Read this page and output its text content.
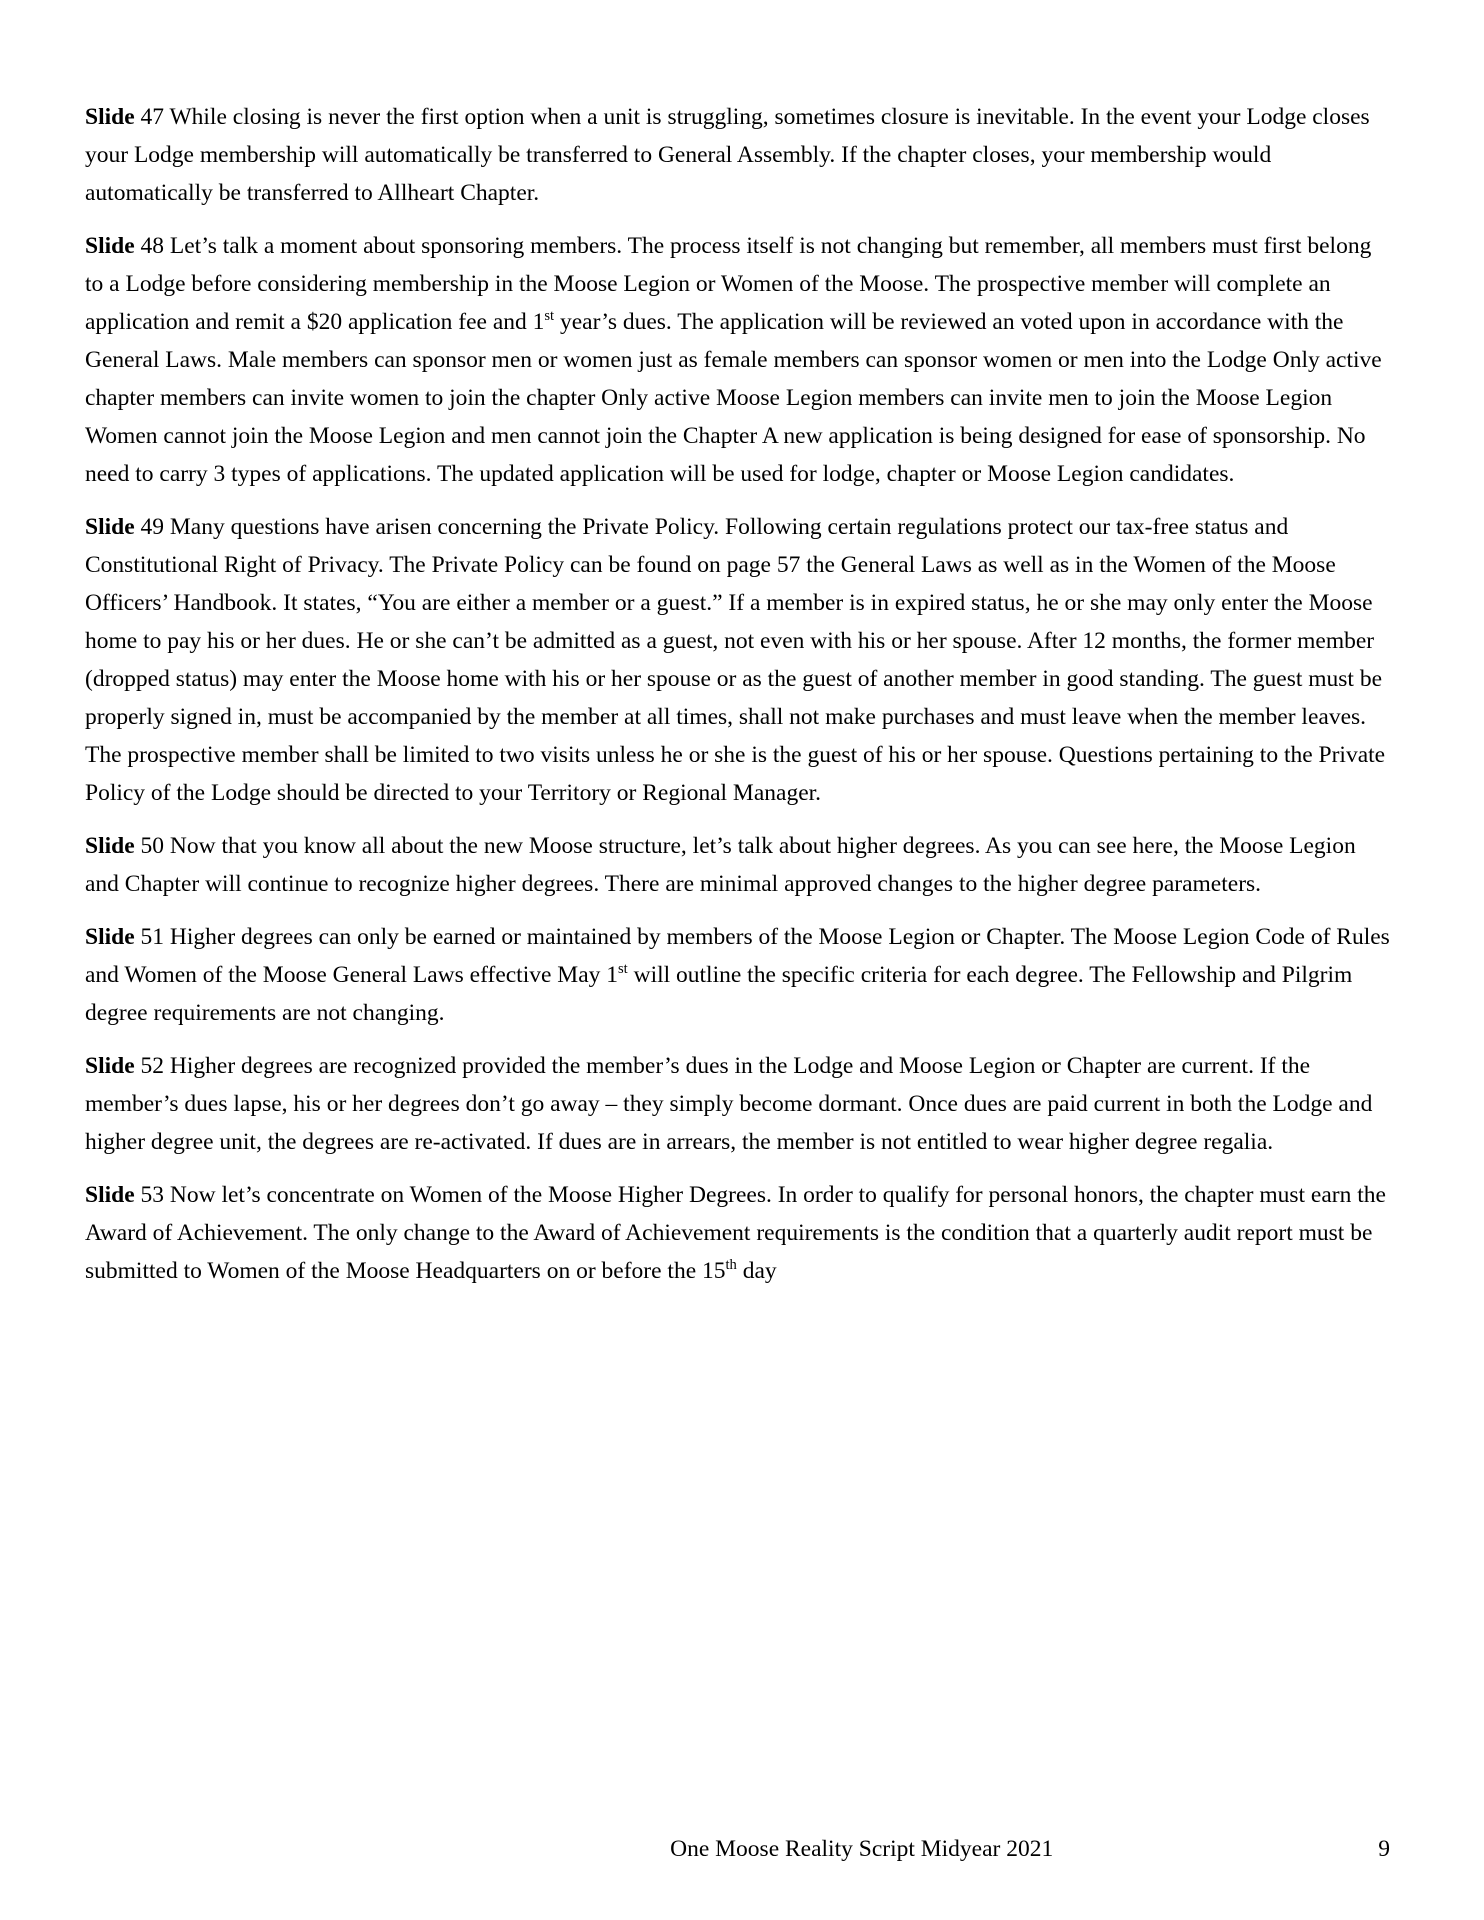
Slide 47 While closing is never the first option when a unit is struggling, sometimes closure is inevitable. In the event your Lodge closes your Lodge membership will automatically be transferred to General Assembly. If the chapter closes, your membership would automatically be transferred to Allheart Chapter.

Slide 48 Let’s talk a moment about sponsoring members. The process itself is not changing but remember, all members must first belong to a Lodge before considering membership in the Moose Legion or Women of the Moose. The prospective member will complete an application and remit a $20 application fee and 1st year’s dues. The application will be reviewed an voted upon in accordance with the General Laws. Male members can sponsor men or women just as female members can sponsor women or men into the Lodge Only active chapter members can invite women to join the chapter Only active Moose Legion members can invite men to join the Moose Legion Women cannot join the Moose Legion and men cannot join the Chapter A new application is being designed for ease of sponsorship. No need to carry 3 types of applications. The updated application will be used for lodge, chapter or Moose Legion candidates.

Slide 49 Many questions have arisen concerning the Private Policy. Following certain regulations protect our tax-free status and Constitutional Right of Privacy. The Private Policy can be found on page 57 the General Laws as well as in the Women of the Moose Officers’ Handbook. It states, “You are either a member or a guest.” If a member is in expired status, he or she may only enter the Moose home to pay his or her dues. He or she can’t be admitted as a guest, not even with his or her spouse. After 12 months, the former member (dropped status) may enter the Moose home with his or her spouse or as the guest of another member in good standing. The guest must be properly signed in, must be accompanied by the member at all times, shall not make purchases and must leave when the member leaves. The prospective member shall be limited to two visits unless he or she is the guest of his or her spouse. Questions pertaining to the Private Policy of the Lodge should be directed to your Territory or Regional Manager.

Slide 50 Now that you know all about the new Moose structure, let’s talk about higher degrees. As you can see here, the Moose Legion and Chapter will continue to recognize higher degrees. There are minimal approved changes to the higher degree parameters.

Slide 51 Higher degrees can only be earned or maintained by members of the Moose Legion or Chapter. The Moose Legion Code of Rules and Women of the Moose General Laws effective May 1st will outline the specific criteria for each degree. The Fellowship and Pilgrim degree requirements are not changing.

Slide 52 Higher degrees are recognized provided the member’s dues in the Lodge and Moose Legion or Chapter are current. If the member’s dues lapse, his or her degrees don’t go away – they simply become dormant. Once dues are paid current in both the Lodge and higher degree unit, the degrees are re-activated. If dues are in arrears, the member is not entitled to wear higher degree regalia.

Slide 53 Now let’s concentrate on Women of the Moose Higher Degrees. In order to qualify for personal honors, the chapter must earn the Award of Achievement. The only change to the Award of Achievement requirements is the condition that a quarterly audit report must be submitted to Women of the Moose Headquarters on or before the 15th day

One Moose Reality Script Midyear 2021	9
